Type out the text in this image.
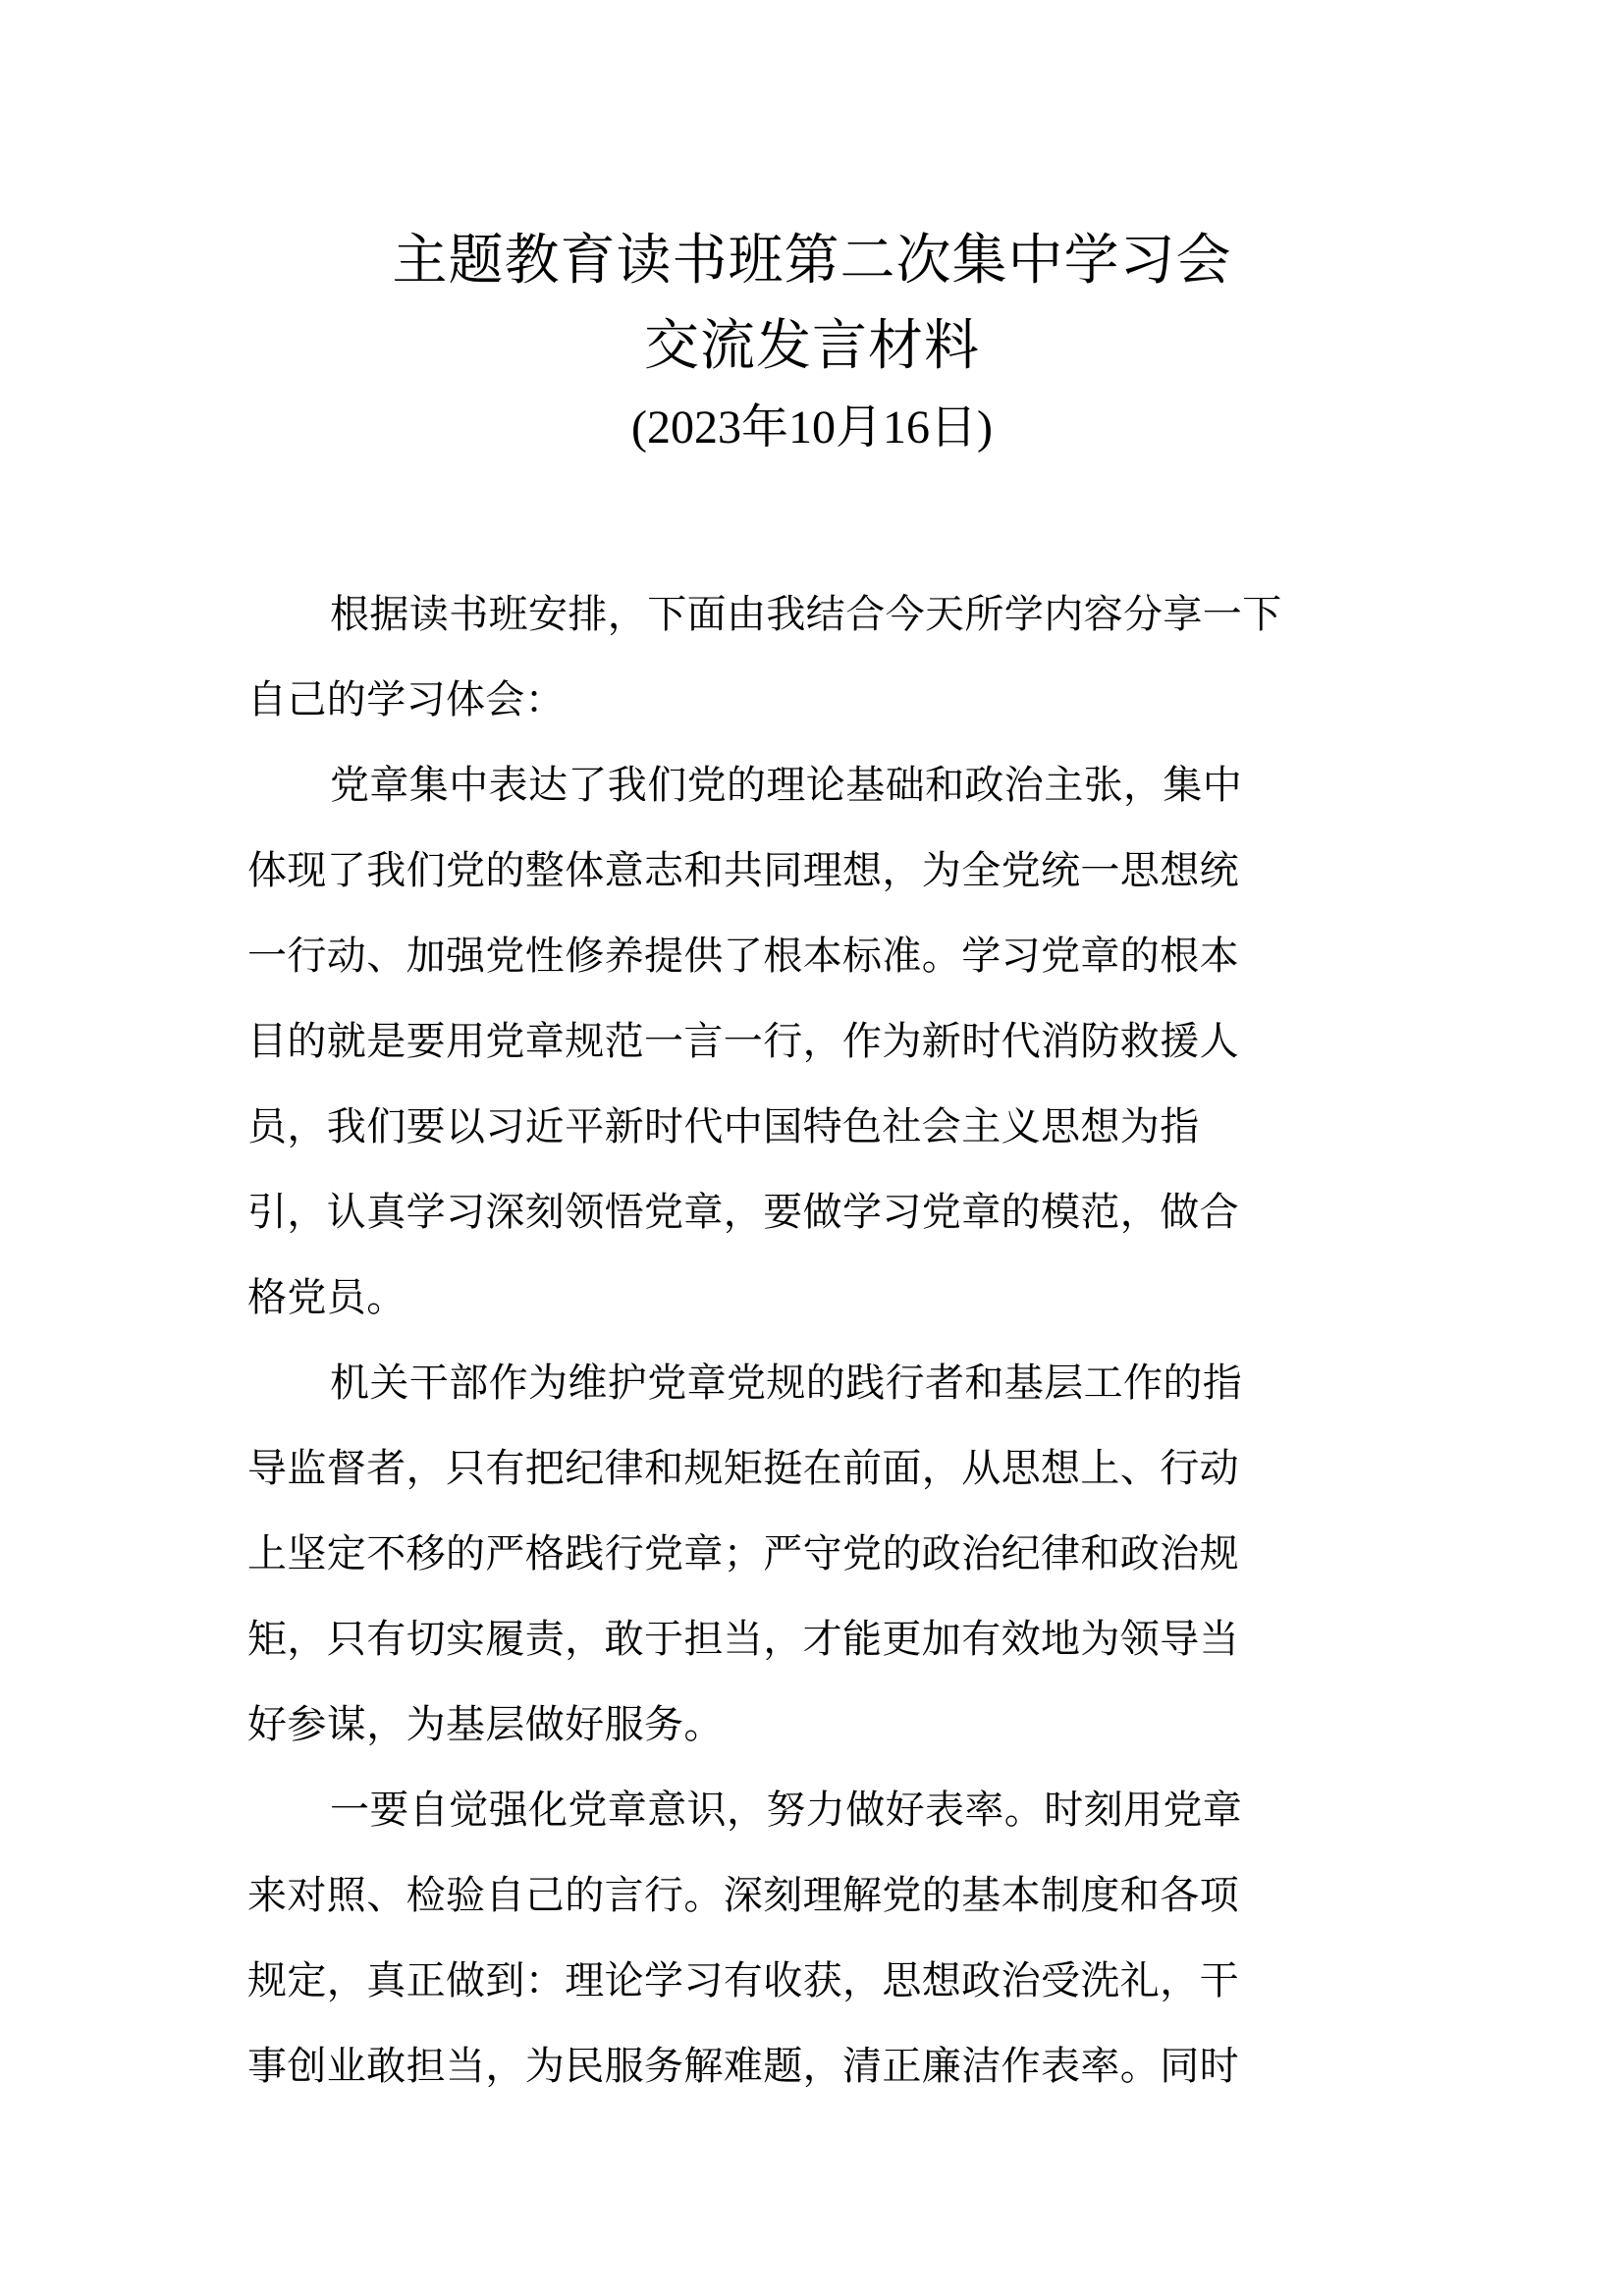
主题教育读书班第二次集中学习会
交流发言材料
(2023年10月16日)
根据读书班安排，下面由我结合今天所学内容分享一下
自己的学习体会：
党章集中表达了我们党的理论基础和政治主张，集中
体现了我们党的整体意志和共同理想，为全党统一思想统
一行动、加强党性修养提供了根本标准。学习党章的根本
目的就是要用党章规范一言一行，作为新时代消防救援人
员，我们要以习近平新时代中国特色社会主义思想为指
引，认真学习深刻领悟党章，要做学习党章的模范，做合
格党员。
机关干部作为维护党章党规的践行者和基层工作的指
导监督者，只有把纪律和规矩挺在前面，从思想上、行动
上坚定不移的严格践行党章；严守党的政治纪律和政治规
矩，只有切实履责，敢于担当，才能更加有效地为领导当
好参谋，为基层做好服务。
一要自觉强化党章意识，努力做好表率。时刻用党章
来对照、检验自己的言行。深刻理解党的基本制度和各项
规定，真正做到：理论学习有收获，思想政治受洗礼，干
事创业敢担当，为民服务解难题，清正廉洁作表率。同时
